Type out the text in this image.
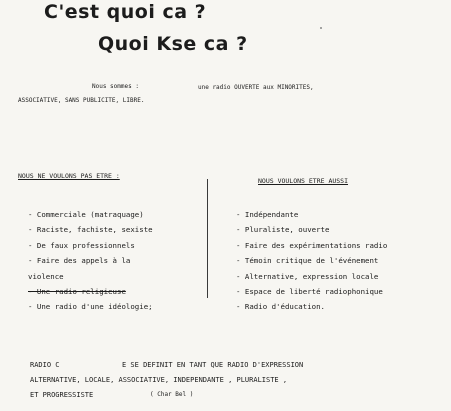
C'est quoi ca ?
Quoi Kse ca ?
Nous sommes :	une radio OUVERTE aux MINORITES,
ASSOCIATIVE, SANS PUBLICITE, LIBRE.
NOUS NE VOULONS PAS ETRE :
NOUS VOULONS ETRE AUSSI
- Commerciale (matraquage)
- Raciste, fachiste, sexiste
- De faux professionnels
- Faire des appels à la
violence
- Une radio religieuse
- Une radio d'une idéologie;
- Indépendante
- Pluraliste, ouverte
- Faire des expérimentations radio
- Témoin critique de l'événement
- Alternative, expression locale
- Espace de liberté radiophonique
- Radio d'éducation.
RADIO C	E SE DEFINIT EN TANT QUE RADIO D'EXPRESSION
ALTERNATIVE, LOCALE, ASSOCIATIVE, INDEPENDANTE , PLURALISTE ,
ET PROGRESSISTE	( Char Bel )
